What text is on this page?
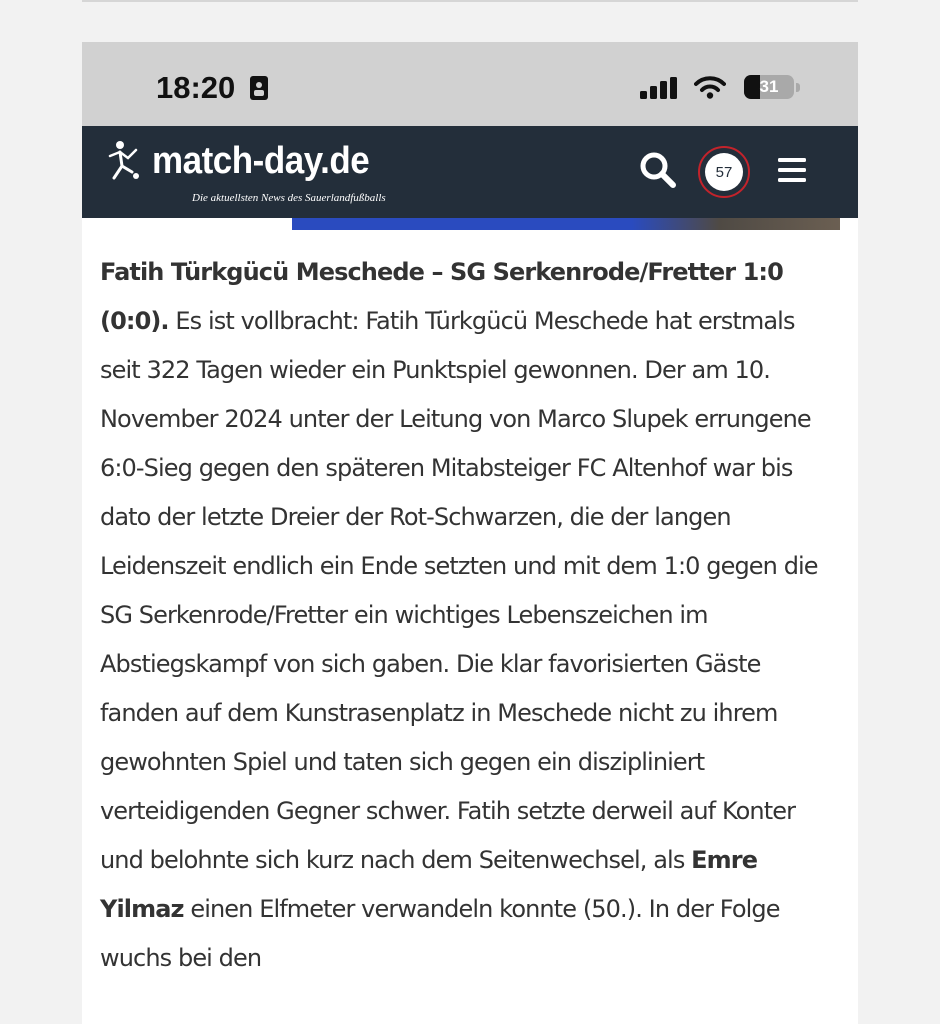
18:20	31
match-day.de
Die aktuellsten News des Sauerlandfußballs
57
Fatih Türkgücü Meschede – SG Serkenrode/Fretter 1:0 (0:0). Es ist vollbracht: Fatih Türkgücü Meschede hat erstmals seit 322 Tagen wieder ein Punktspiel gewonnen. Der am 10. November 2024 unter der Leitung von Marco Slupek errungene 6:0-Sieg gegen den späteren Mitabsteiger FC Altenhof war bis dato der letzte Dreier der Rot-Schwarzen, die der langen Leidenszeit endlich ein Ende setzten und mit dem 1:0 gegen die SG Serkenrode/Fretter ein wichtiges Lebenszeichen im Abstiegskampf von sich gaben. Die klar favorisierten Gäste fanden auf dem Kunstrasenplatz in Meschede nicht zu ihrem gewohnten Spiel und taten sich gegen ein diszipliniert verteidigenden Gegner schwer. Fatih setzte derweil auf Konter und belohnte sich kurz nach dem Seitenwechsel, als Emre Yilmaz einen Elfmeter verwandeln konnte (50.). In der Folge wuchs bei den
